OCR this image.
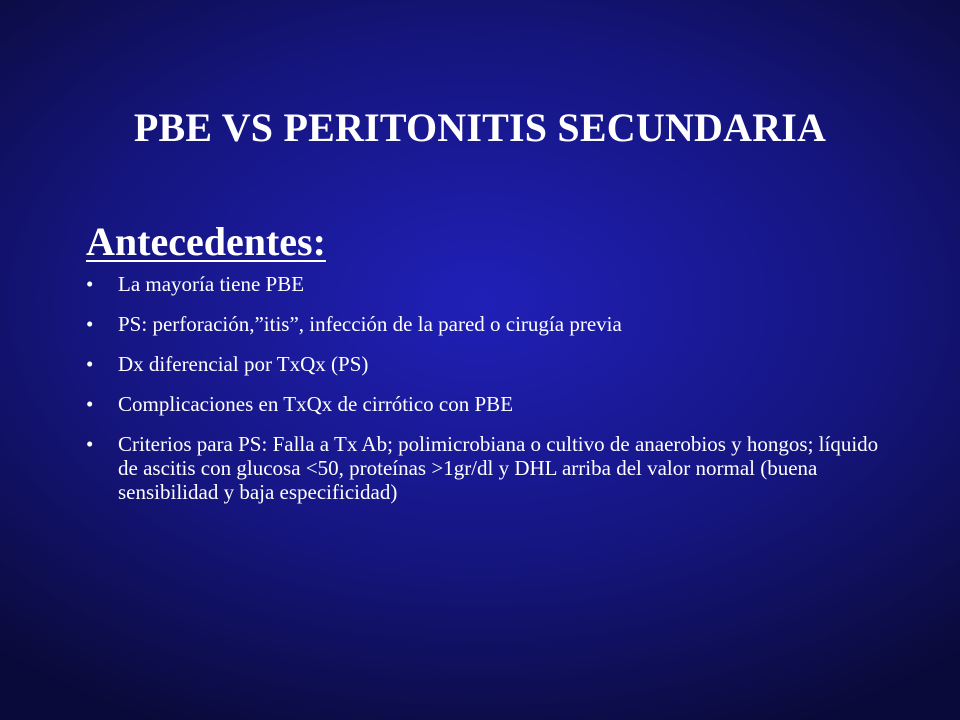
PBE VS PERITONITIS SECUNDARIA
Antecedentes:
• La mayoría tiene PBE
• PS: perforación,”itis”, infección de la pared o cirugía previa
• Dx diferencial por TxQx (PS)
• Complicaciones en TxQx de cirrótico con PBE
• Criterios para PS: Falla a Tx Ab; polimicrobiana o cultivo de anaerobios y hongos; líquido de ascitis con glucosa <50, proteínas >1gr/dl y DHL arriba del valor normal (buena sensibilidad y baja especificidad)
